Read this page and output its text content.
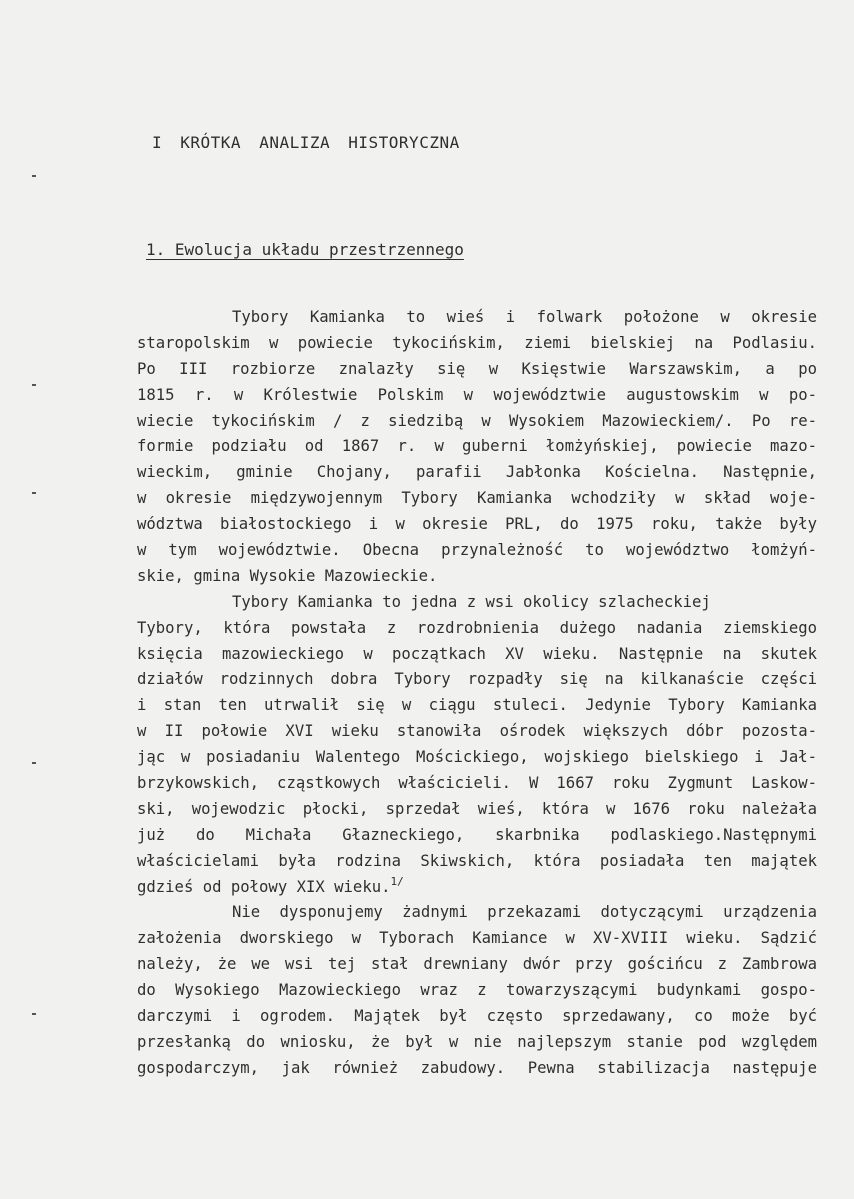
I KRÓTKA ANALIZA HISTORYCZNA
1. Ewolucja układu przestrzennego
Tybory Kamianka to wieś i folwark położone w okresie
staropolskim w powiecie tykocińskim, ziemi bielskiej na Podlasiu.
Po III rozbiorze znalazły się w Księstwie Warszawskim, a po
1815 r. w Królestwie Polskim w województwie augustowskim w po-
wiecie tykocińskim / z siedzibą w Wysokiem Mazowieckiem/. Po re-
formie podziału od 1867 r. w guberni łomżyńskiej, powiecie mazo-
wieckim, gminie Chojany, parafii Jabłonka Kościelna. Następnie,
w okresie międzywojennym Tybory Kamianka wchodziły w skład woje-
wództwa białostockiego i w okresie PRL, do 1975 roku, także były
w tym województwie. Obecna przynależność to województwo łomżyń-
skie, gmina Wysokie Mazowieckie.
Tybory Kamianka to jedna z wsi okolicy szlacheckiej
Tybory, która powstała z rozdrobnienia dużego nadania ziemskiego
księcia mazowieckiego w początkach XV wieku. Następnie na skutek
działów rodzinnych dobra Tybory rozpadły się na kilkanaście części
i stan ten utrwalił się w ciągu stuleci. Jedynie Tybory Kamianka
w II połowie XVI wieku stanowiła ośrodek większych dóbr pozosta-
jąc w posiadaniu Walentego Mościckiego, wojskiego bielskiego i Jał-
brzykowskich, cząstkowych właścicieli. W 1667 roku Zygmunt Laskow-
ski, wojewodzic płocki, sprzedał wieś, która w 1676 roku należała
już do Michała Głazneckiego, skarbnika podlaskiego.Następnymi
właścicielami była rodzina Skiwskich, która posiadała ten majątek
gdzieś od połowy XIX wieku.$^{1/}$
Nie dysponujemy żadnymi przekazami dotyczącymi urządzenia
założenia dworskiego w Tyborach Kamiance w XV-XVIII wieku. Sądzić
należy, że we wsi tej stał drewniany dwór przy gościńcu z Zambrowa
do Wysokiego Mazowieckiego wraz z towarzyszącymi budynkami gospo-
darczymi i ogrodem. Majątek był często sprzedawany, co może być
przesłanką do wniosku, że był w nie najlepszym stanie pod względem
gospodarczym, jak również zabudowy. Pewna stabilizacja następuje
